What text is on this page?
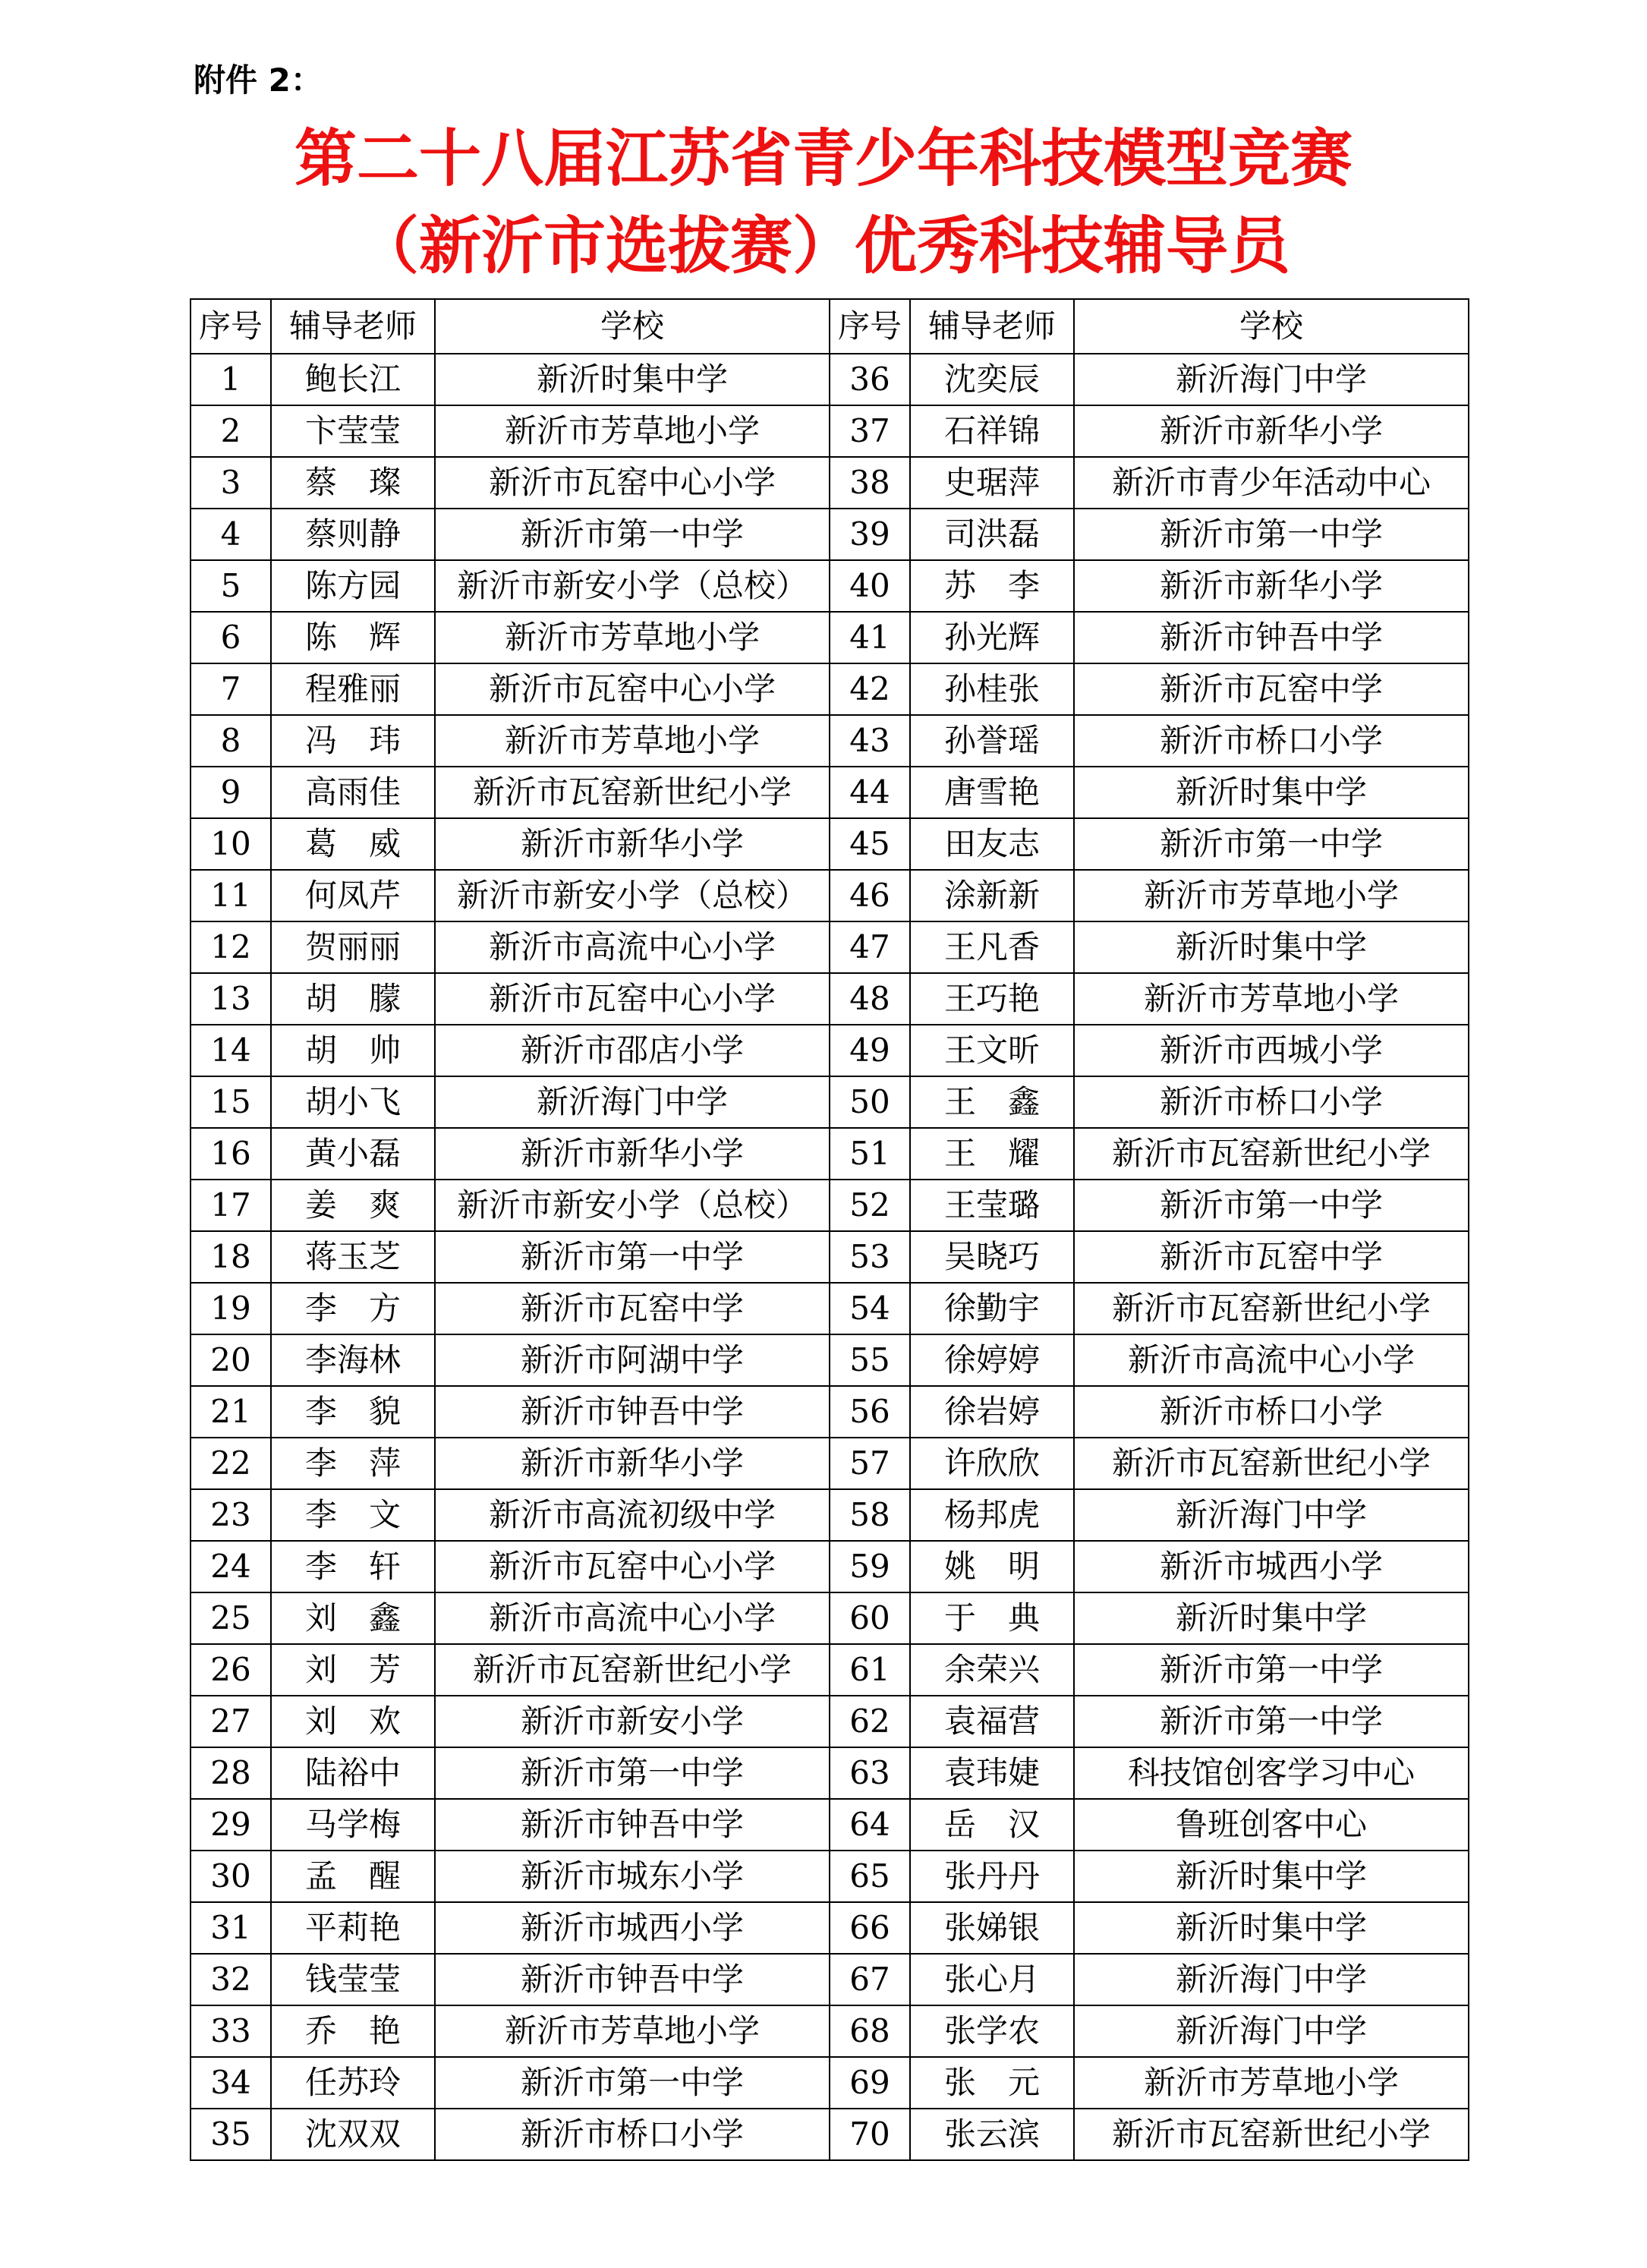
附件 2：
第二十八届江苏省青少年科技模型竞赛
（新沂市选拔赛）优秀科技辅导员
序号	辅导老师	学校	序号	辅导老师	学校
1	鲍长江	新沂时集中学	36	沈奕辰	新沂海门中学
2	卞莹莹	新沂市芳草地小学	37	石祥锦	新沂市新华小学
3	蔡　璨	新沂市瓦窑中心小学	38	史琚萍	新沂市青少年活动中心
4	蔡则静	新沂市第一中学	39	司洪磊	新沂市第一中学
5	陈方园	新沂市新安小学（总校）	40	苏　李	新沂市新华小学
6	陈　辉	新沂市芳草地小学	41	孙光辉	新沂市钟吾中学
7	程雅丽	新沂市瓦窑中心小学	42	孙桂张	新沂市瓦窑中学
8	冯　玮	新沂市芳草地小学	43	孙誉瑶	新沂市桥口小学
9	高雨佳	新沂市瓦窑新世纪小学	44	唐雪艳	新沂时集中学
10	葛　威	新沂市新华小学	45	田友志	新沂市第一中学
11	何凤芹	新沂市新安小学（总校）	46	涂新新	新沂市芳草地小学
12	贺丽丽	新沂市高流中心小学	47	王凡香	新沂时集中学
13	胡　朦	新沂市瓦窑中心小学	48	王巧艳	新沂市芳草地小学
14	胡　帅	新沂市邵店小学	49	王文昕	新沂市西城小学
15	胡小飞	新沂海门中学	50	王　鑫	新沂市桥口小学
16	黄小磊	新沂市新华小学	51	王　耀	新沂市瓦窑新世纪小学
17	姜　爽	新沂市新安小学（总校）	52	王莹璐	新沂市第一中学
18	蒋玉芝	新沂市第一中学	53	吴晓巧	新沂市瓦窑中学
19	李　方	新沂市瓦窑中学	54	徐勤宇	新沂市瓦窑新世纪小学
20	李海林	新沂市阿湖中学	55	徐婷婷	新沂市高流中心小学
21	李　貌	新沂市钟吾中学	56	徐岩婷	新沂市桥口小学
22	李　萍	新沂市新华小学	57	许欣欣	新沂市瓦窑新世纪小学
23	李　文	新沂市高流初级中学	58	杨邦虎	新沂海门中学
24	李　轩	新沂市瓦窑中心小学	59	姚　明	新沂市城西小学
25	刘　鑫	新沂市高流中心小学	60	于　典	新沂时集中学
26	刘　芳	新沂市瓦窑新世纪小学	61	余荣兴	新沂市第一中学
27	刘　欢	新沂市新安小学	62	袁福营	新沂市第一中学
28	陆裕中	新沂市第一中学	63	袁玮婕	科技馆创客学习中心
29	马学梅	新沂市钟吾中学	64	岳　汉	鲁班创客中心
30	孟　醒	新沂市城东小学	65	张丹丹	新沂时集中学
31	平莉艳	新沂市城西小学	66	张娣银	新沂时集中学
32	钱莹莹	新沂市钟吾中学	67	张心月	新沂海门中学
33	乔　艳	新沂市芳草地小学	68	张学农	新沂海门中学
34	任苏玲	新沂市第一中学	69	张　元	新沂市芳草地小学
35	沈双双	新沂市桥口小学	70	张云滨	新沂市瓦窑新世纪小学
